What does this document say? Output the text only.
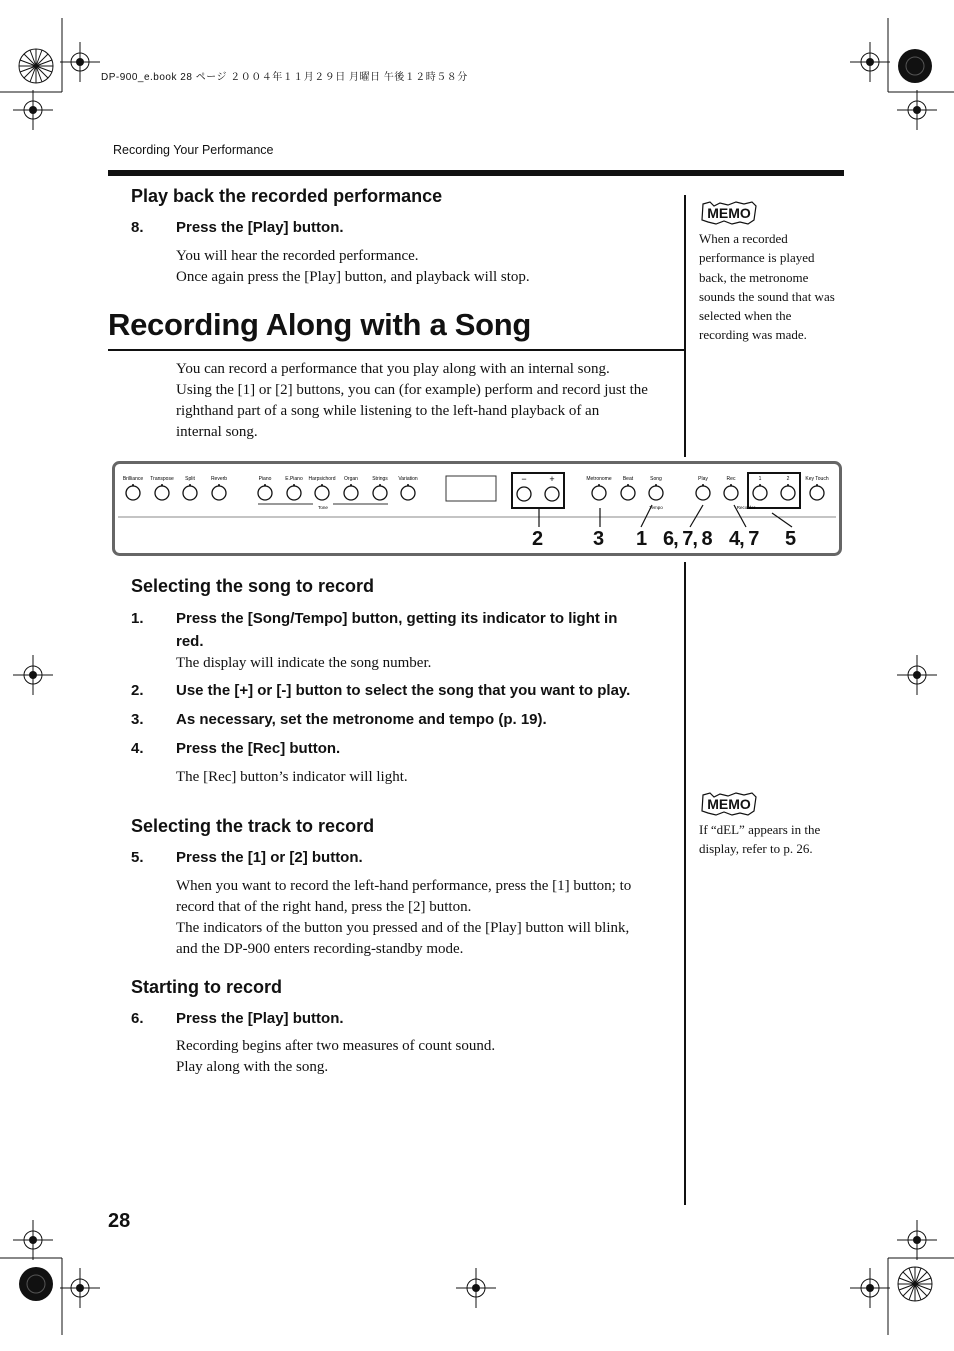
DP-900_e.book 28 ページ ２００４年１１月２９日 月曜日 午後１２時５８分
Recording Your Performance
Play back the recorded performance
8. Press the [Play] button.
You will hear the recorded performance.
Once again press the [Play] button, and playback will stop.
MEMO
When a recorded
performance is played
back, the metronome
sounds the sound that was
selected when the
recording was made.
Recording Along with a Song
You can record a performance that you play along with an internal song.
Using the [1] or [2] buttons, you can (for example) perform and record just the
righthand part of a song while listening to the left-hand playback of an
internal song.
Brilliance Transpose Split	Reverb	Piano	E.Piano Harpsichord Organ	Strings Variation	Metronome Beat	Song	Play	Rec	1	2	Key Touch
−	+
Tone	Tempo	Recorder
2 3 1 6, 7, 8 4, 7 5
Selecting the song to record
1. Press the [Song/Tempo] button, getting its indicator to light in
red.
The display will indicate the song number.
2. Use the [+] or [-] button to select the song that you want to play.
3. As necessary, set the metronome and tempo (p. 19).
4. Press the [Rec] button.
The [Rec] button’s indicator will light.
MEMO
If “dEL” appears in the
display, refer to p. 26.
Selecting the track to record
5. Press the [1] or [2] button.
When you want to record the left-hand performance, press the [1] button; to
record that of the right hand, press the [2] button.
The indicators of the button you pressed and of the [Play] button will blink,
and the DP-900 enters recording-standby mode.
Starting to record
6. Press the [Play] button.
Recording begins after two measures of count sound.
Play along with the song.
28
